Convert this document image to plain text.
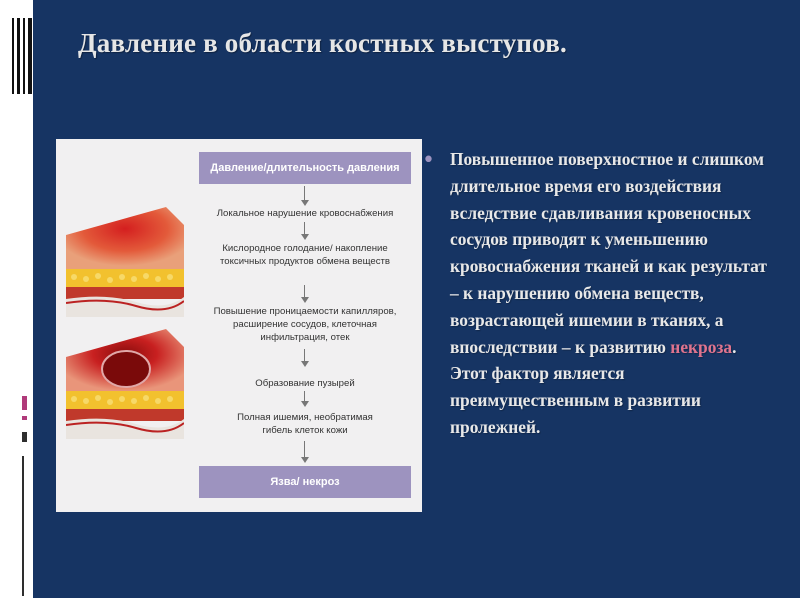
Давление в области костных выступов.
Давление/длительность давления
Локальное нарушение кровоснабжения
Кислородное голодание/ накопление токсичных продуктов обмена веществ
Повышение проницаемости капилляров, расширение сосудов, клеточная инфильтрация, отек
Образование пузырей
Полная ишемия, необратимая гибель клеток кожи
Язва/ некроз
• Повышенное поверхностное и слишком длительное время его воздействия вследствие сдавливания кровеносных сосудов приводят к уменьшению кровоснабжения тканей и как результат – к нарушению обмена веществ, возрастающей ишемии в тканях, а впоследствии – к развитию некроза. Этот фактор является преимущественным в развитии пролежней.
